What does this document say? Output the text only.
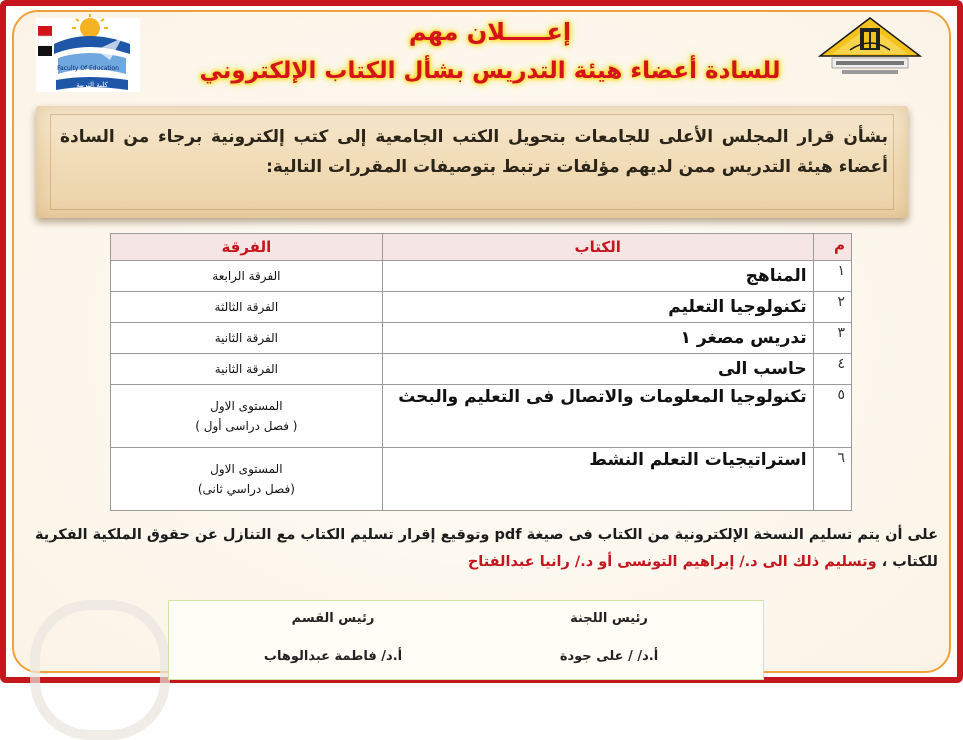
Faculty Of Education
كلية التربية
إعـــــلان مهم
للسادة أعضاء هيئة التدريس بشأل الكتاب الإلكتروني
بشأن قرار المجلس الأعلى للجامعات بتحويل الكتب الجامعية إلى كتب إلكترونية برجاء من السادة أعضاء هيئة التدريس ممن لديهم مؤلفات ترتبط بتوصيفات المقررات التالية:
م	الكتاب	الفرقة
١	المناهج	الفرقة الرابعة
٢	تكنولوجيا التعليم	الفرقة الثالثة
٣	تدريس مصغر ١	الفرقة الثانية
٤	حاسب الى	الفرقة الثانية
٥	تكنولوجيا المعلومات والاتصال فى التعليم والبحث	المستوى الاول
( فصل دراسى أول )

٦	استراتيجيات التعلم النشط	المستوى الاول
(فصل دراسي ثانى)
على أن يتم تسليم النسخة الإلكترونية من الكتاب فى صيغة pdf وتوقيع إقرار تسليم الكتاب مع التنازل عن حقوق الملكية الفكرية للكتاب ، وتسليم ذلك الى د./ إبراهيم التونسى أو د./ رانيا عبدالفتاح
رئيس اللجنة
أ.د/ / على جودة
رئيس القسم
أ.د/ فاطمة عبدالوهاب
